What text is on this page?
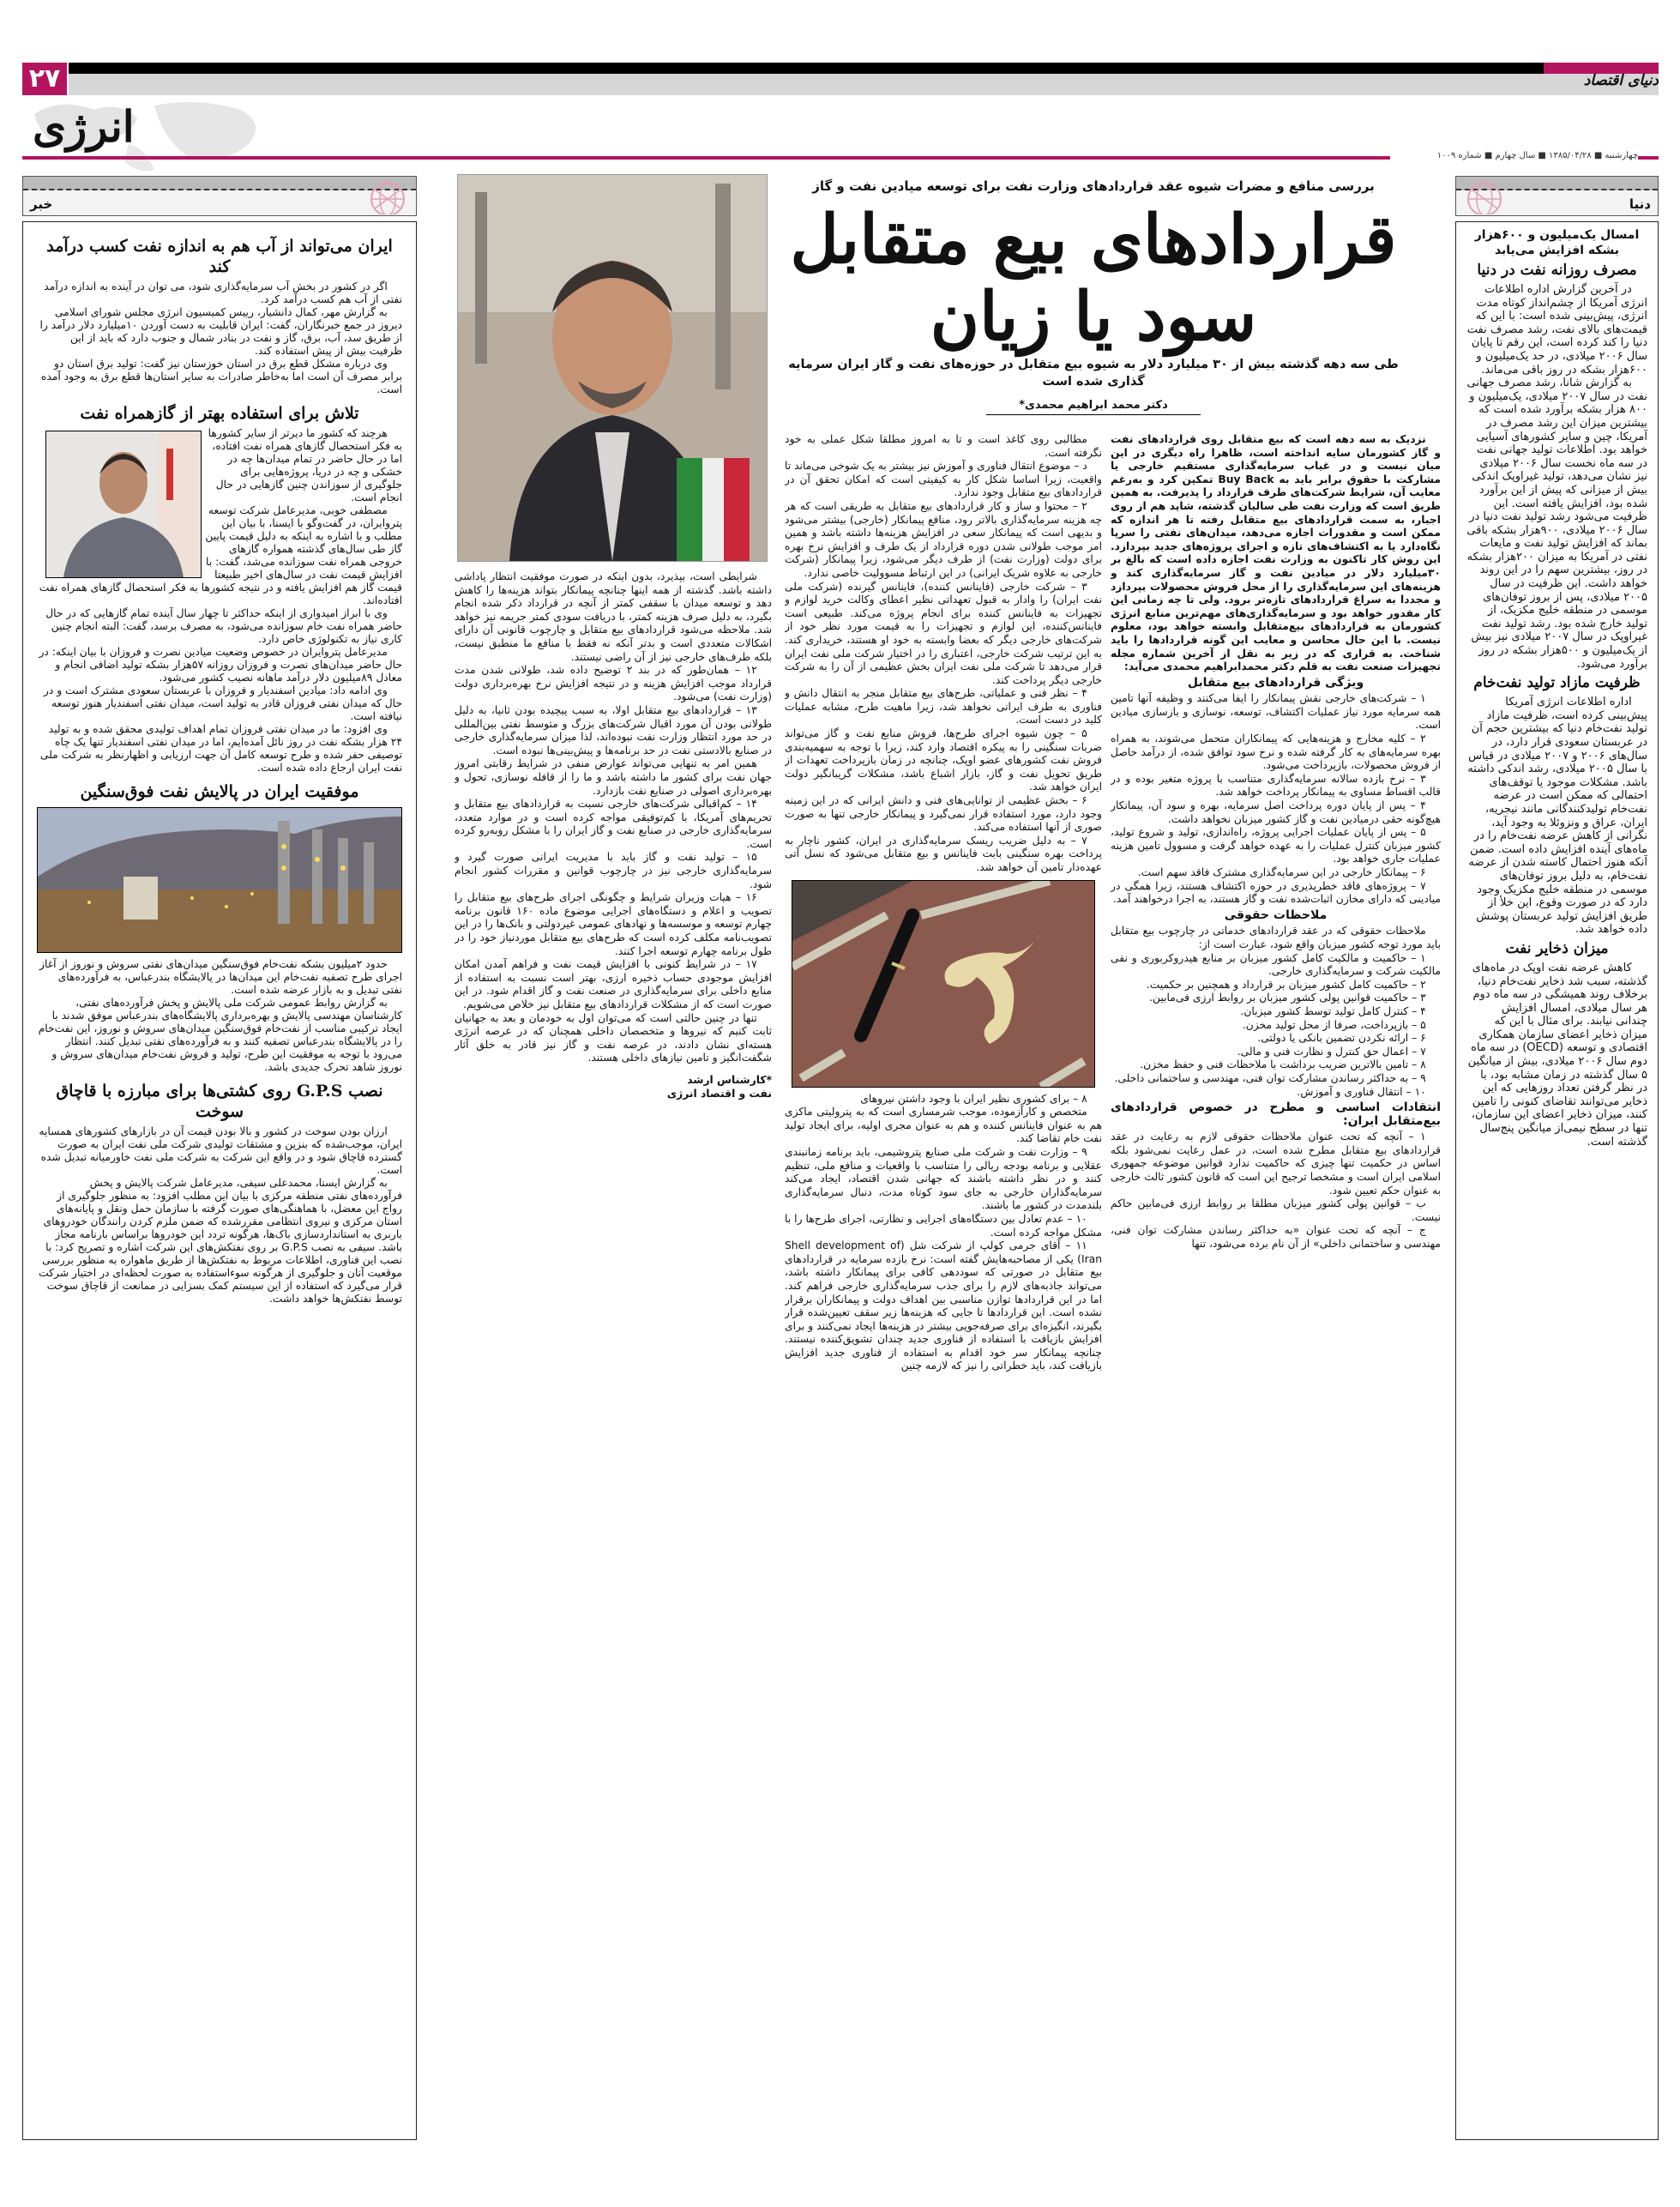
۲۷	دنیای اقتصاد
انرژی
چهارشنبه ■ ۱۳۸۵/۰۴/۲۸ ■ سال چهارم ■ شماره ۱۰۰۹
خبر
ایران می‌تواند از آب هم به اندازه نفت کسب درآمد کند

اگر در کشور در بخش آب سرمایه‌گذاری شود، می توان در آینده به اندازه درآمد نفتی از آب هم کسب درآمد کرد.

به گزارش مهر، کمال دانشیار، رییس کمیسیون انرژی مجلس شورای اسلامی دیروز در جمع خبرنگاران، گفت: ایران قابلیت به دست آوردن ۱۰میلیارد دلار درآمد را از طریق سد، آب، برق، گاز و نفت در بنادر شمال و جنوب دارد که باید از این ظرفیت بیش از پیش استفاده کند.

وی درباره مشکل قطع برق در استان خوزستان نیز گفت: تولید برق استان دو برابر مصرف آن است اما به‌خاطر صادرات به سایر استان‌ها قطع برق به وجود آمده است.

تلاش برای استفاده بهتر از گازهمراه نفت

هرچند که کشور ما دیرتر از سایر کشورها به فکر استحصال گازهای همراه نفت افتاده، اما در حال حاضر در تمام میدان‌ها چه در خشکی و چه در دریا، پروژه‌هایی برای جلوگیری از سوزاندن چنین گازهایی در حال انجام است.

مصطفی خوبی، مدیرعامل شرکت توسعه پتروایران، در گفت‌وگو با ایسنا، با بیان این مطلب و با اشاره به اینکه به دلیل قیمت پایین گاز طی سال‌های گذشته همواره گازهای خروجی همراه نفت سوزانده می‌شد، گفت: با افزایش قیمت نفت در سال‌های اخیر طبیعتا قیمت گاز هم افزایش یافته و در نتیجه کشورها به فکر استحصال گازهای همراه نفت افتاده‌اند.

وی با ابراز امیدواری از اینکه حداکثر تا چهار سال آینده تمام گازهایی که در حال حاضر همراه نفت خام سوزانده می‌شود، به مصرف برسد، گفت: البته انجام چنین کاری نیاز به تکنولوژی خاص دارد.

مدیرعامل پتروایران در خصوص وضعیت میادین نصرت و فروزان با بیان اینکه: در حال حاضر میدان‌های نصرت و فروزان روزانه ۵۷هزار بشکه تولید اضافی انجام و معادل ۸۹میلیون دلار درآمد ماهانه نصیب کشور می‌شود.

وی ادامه داد: میادین اسفندیار و فروزان با عربستان سعودی مشترک است و در حال که میدان نفتی فروزان قادر به تولید است، میدان نفتی اسفندیار هنوز توسعه نیافته است.

وی افزود: ما در میدان نفتی فروزان تمام اهداف تولیدی محقق شده و به تولید ۲۴ هزار بشکه نفت در روز نائل آمده‌ایم، اما در میدان نفتی اسفندیار تنها یک چاه توصیفی حفر شده و طرح توسعه کامل آن جهت ارزیابی و اظهارنظر به شرکت ملی نفت ایران ارجاع داده شده است.

موفقیت ایران در پالایش نفت فوق‌سنگین

حدود ۲میلیون بشکه نفت‌خام فوق‌سنگین میدان‌های نفتی سروش و نوروز از آغاز اجرای طرح تصفیه نفت‌خام این میدان‌ها در پالایشگاه بندرعباس، به فرآورده‌های نفتی تبدیل و به بازار عرضه شده است.

به گزارش روابط عمومی شرکت ملی پالایش و پخش فرآورده‌های نفتی، کارشناسان مهندسی پالایش و بهره‌برداری پالایشگاه‌های بندرعباس موفق شدند با ایجاد ترکیبی مناسب از نفت‌خام فوق‌سنگین میدان‌های سروش و نوروز، این نفت‌خام را در پالایشگاه بندرعباس تصفیه کنند و به فرآورده‌های نفتی تبدیل کنند. انتظار می‌رود با توجه به موفقیت این طرح، تولید و فروش نفت‌خام میدان‌های سروش و نوروز شاهد تحرک جدیدی باشد.

نصب G.P.S روی کشتی‌ها برای مبارزه با قاچاق سوخت

ارزان بودن سوخت در کشور و بالا بودن قیمت آن در بازارهای کشورهای همسایه ایران، موجب‌شده که بنزین و مشتقات تولیدی شرکت ملی نفت ایران به صورت گسترده قاچاق شود و در واقع این شرکت به شرکت ملی نفت خاورمیانه تبدیل شده است.

به گزارش ایسنا، محمدعلی سیفی، مدیرعامل شرکت پالایش و پخش فرآورده‌های نفتی منطقه مرکزی با بیان این مطلب افزود: به منظور جلوگیری از رواج این معضل، با هماهنگی‌های صورت گرفته با سازمان حمل ونقل و پایانه‌های استان مرکزی و نیروی انتظامی مقررشده که ضمن ملزم کردن رانندگان خودروهای باربری به استانداردسازی باک‌ها، هرگونه تردد این خودروها براساس بارنامه مجاز باشد. سیفی به نصب G.P.S بر روی نفتکش‌های این شرکت اشاره و تصریح کرد: با نصب این فناوری، اطلاعات مربوط به نفتکش‌ها از طریق ماهواره به منظور بررسی موقعیت آنان و جلوگیری از هرگونه سوءاستفاده به صورت لحظه‌ای در اختیار شرکت قرار می‌گیرد که استفاده از این سیستم کمک بسزایی در ممانعت از قاچاق سوخت توسط نفتکش‌ها خواهد داشت.

دنیا
امسال یک‌میلیون و ۶۰۰هزار بشکه افزایش می‌یابد
مصرف روزانه نفت در دنیا

در آخرین گزارش اداره اطلاعات انرژی آمریکا از چشم‌انداز کوتاه مدت انرژی، پیش‌بینی شده است: با این که قیمت‌های بالای نفت، رشد مصرف نفت دنیا را کند کرده است، این رقم تا پایان سال ۲۰۰۶ میلادی، در حد یک‌میلیون و ۶۰۰هزار بشکه در روز باقی می‌ماند.

به گزارش شانا، رشد مصرف جهانی نفت در سال ۲۰۰۷ میلادی، یک‌میلیون و ۸۰۰ هزار بشکه برآورد شده است که بیشترین میزان این رشد مصرف در آمریکا، چین و سایر کشورهای آسیایی خواهد بود. اطلاعات تولید جهانی نفت در سه ماه نخست سال ۲۰۰۶ میلادی نیز نشان می‌دهد، تولید غیراوپک اندکی بیش از میزانی که پیش از این برآورد شده بود، افزایش یافته است. این ظرفیت می‌شود رشد تولید نفت دنیا در سال ۲۰۰۶ میلادی، ۹۰۰هزار بشکه باقی بماند که افزایش تولید نفت و مایعات نفتی در آمریکا به میزان ۲۰۰هزار بشکه در روز، بیشترین سهم را در این روند خواهد داشت. این ظرفیت در سال ۲۰۰۵ میلادی، پس از بروز توفان‌های موسمی در منطقه خلیج مکزیک، از تولید خارج شده بود. رشد تولید نفت غیراوپک در سال ۲۰۰۷ میلادی نیز بیش از یک‌میلیون و ۵۰۰هزار بشکه در روز برآورد می‌شود.

ظرفیت مازاد تولید نفت‌خام

اداره اطلاعات انرژی آمریکا پیش‌بینی کرده است، ظرفیت مازاد تولید نفت‌خام دنیا که بیشترین حجم آن در عربستان سعودی قرار دارد، در سال‌های ۲۰۰۶ و ۲۰۰۷ میلادی در قیاس با سال ۲۰۰۵ میلادی، رشد اندکی داشته باشد. مشکلات موجود یا توقف‌های احتمالی که ممکن است در عرضه نفت‌خام تولیدکنندگانی مانند نیجریه، ایران، عراق و ونزوئلا به وجود آید، نگرانی از کاهش عرضه نفت‌خام را در ماه‌های آینده افزایش داده است. ضمن آنکه هنوز احتمال کاسته شدن از عرضه نفت‌خام، به دلیل بروز توفان‌های موسمی در منطقه خلیج مکزیک وجود دارد که در صورت وقوع، این خلأ از طریق افزایش تولید عربستان پوشش داده خواهد شد.

میزان ذخایر نفت

کاهش عرضه نفت اوپک در ماه‌های گذشته، سبب شد ذخایر نفت‌خام دنیا، برخلاف روند همیشگی در سه ماه دوم هر سال میلادی، امسال افزایش چندانی نیابند. برای مثال با این که میزان ذخایر اعضای سازمان همکاری اقتصادی و توسعه (OECD) در سه ماه دوم سال ۲۰۰۶ میلادی، بیش از میانگین ۵ سال گذشته در زمان مشابه بود، با در نظر گرفتن تعداد روزهایی که این ذخایر می‌توانند تقاضای کنونی را تامین کنند، میزان ذخایر اعضای این سازمان، تنها در سطح نیمی‌از میانگین پنج‌سال گذشته است.

بررسی منافع و مضرات شیوه عقد قراردادهای وزارت نفت برای توسعه میادین نفت و گاز
قراردادهای بیع متقابل
سود یا زیان
طی سه دهه گذشته بیش از ۳۰ میلیارد دلار به شیوه بیع متقابل در حوزه‌های نفت و گاز ایران سرمایه گذاری شده است
دکتر محمد ابراهیم محمدی*

نزدیک به سه دهه است که بیع متقابل روی قراردادهای نفت و گاز کشورمان سایه انداخته است، ظاهرا راه دیگری در این میان نیست و در غیاب سرمایه‌گذاری مستقیم خارجی یا مشارکت با حقوق برابر باید به Buy Back تمکین کرد و به‌رغم معایب آن، شرایط شرکت‌های طرف قرارداد را پذیرفت. به همین طریق است که وزارت نفت طی سالیان گذشته، شاید هم از روی اجبار، به سمت قراردادهای بیع متقابل رفته تا هر اندازه که ممکن است و مقدورات اجازه می‌دهد، میدان‌های نفتی را سرپا نگاه‌دارد یا به اکتشاف‌های تازه و اجرای پروژه‌های جدید بپردازد. این روش کار تاکنون به وزارت نفت اجازه داده است که بالغ بر ۳۰میلیارد دلار در میادین نفت و گاز سرمایه‌گذاری کند و هزینه‌های این سرمایه‌گذاری را از محل فروش محصولات بپردازد و مجددا به سراغ قراردادهای تازه‌تر برود. ولی تا چه زمانی این کار مقدور خواهد بود و سرمایه‌گذاری‌های مهم‌ترین منابع انرژی کشورمان به قراردادهای بیع‌متقابل وابسته خواهد بود، معلوم نیست. با این حال محاسن و معایب این گونه قراردادها را باید شناخت. به قراری که در زیر به نقل از آخرین شماره مجله تجهیزات صنعت نفت به قلم دکتر محمدابراهیم محمدی می‌آید:

ویژگی قراردادهای بیع متقابل

۱ – شرکت‌های خارجی نقش پیمانکار را ایفا می‌کنند و وظیفه آنها تامین همه سرمایه مورد نیاز عملیات اکتشاف، توسعه، نوسازی و بازسازی میادین است.

۲ – کلیه مخارج و هزینه‌هایی که پیمانکاران متحمل می‌شوند، به همراه بهره سرمایه‌های به کار گرفته شده و نرخ سود توافق شده، از درآمد حاصل از فروش محصولات، بازپرداخت می‌شود.

۳ – نرخ بازده سالانه سرمایه‌گذاری متناسب با پروژه متغیر بوده و در قالب اقساط مساوی به پیمانکار پرداخت خواهد شد.

۴ – پس از پایان دوره پرداخت اصل سرمایه، بهره و سود آن، پیمانکار هیچ‌گونه حقی درمیادین نفت و گاز کشور میزبان نخواهد داشت.

۵ – پس از پایان عملیات اجرایی پروژه، راه‌اندازی، تولید و شروع تولید، کشور میزبان کنترل عملیات را به عهده خواهد گرفت و مسوول تامین هزینه عملیات جاری خواهد بود.

۶ – پیمانکار خارجی در این سرمایه‌گذاری مشترک فاقد سهم است.

۷ – پروژه‌های فاقد خطرپذیری در حوزه اکتشاف هستند، زیرا همگی در میادینی که دارای مخازن اثبات‌شده نفت و گاز هستند، به اجرا درخواهند آمد.

ملاحظات حقوقی

ملاحظات حقوقی که در عقد قراردادهای خدماتی در چارچوب بیع متقابل باید مورد توجه کشور میزبان واقع شود، عبارت است از:

۱ – حاکمیت و مالکیت کامل کشور میزبان بر منابع هیدروکربوری و نفی مالکیت شرکت و سرمایه‌گذاری خارجی.

۲ – حاکمیت کامل کشور میزبان بر قرارداد و همچنین بر حکمیت.

۳ – حاکمیت قوانین پولی کشور میزبان بر روابط ارزی فی‌مابین.

۴ – کنترل کامل تولید توسط کشور میزبان.

۵ – بازپرداخت، صرفا از محل تولید مخزن.

۶ – ارائه نکردن تضمین بانکی یا دولتی.

۷ – اعمال حق کنترل و نظارت فنی و مالی.

۸ – تامین بالاترین ضریب برداشت با ملاحظات فنی و حفظ مخزن.

۹ – به حداکثر رساندن مشارکت توان فنی، مهندسی و ساختمانی داخلی.

۱۰ – انتقال فناوری و آموزش.

انتقادات اساسی و مطرح در خصوص قراردادهای بیع‌متقابل ایران:

۱ – آنچه که تحت عنوان ملاحظات حقوقی لازم به رعایت در عقد قراردادهای بیع متقابل مطرح شده است، در عمل رعایت نمی‌شود بلکه اساس در حکمیت تنها چیزی که حاکمیت ندارد قوانین موضوعه جمهوری اسلامی ایران است و مشخصا ترجیح این است که قانون کشور ثالث خارجی به عنوان حکم تعیین شود.

ب – قوانین پولی کشور میزبان مطلقا بر روابط ارزی فی‌مابین حاکم نیست.

ج – آنچه که تحت عنوان «به حداکثر رساندن مشارکت توان فنی، مهندسی و ساختمانی داخلی» از آن نام برده می‌شود، تنها

مطالبی روی کاغذ است و تا به امروز مطلقا شکل عملی به خود نگرفته است.

د – موضوع انتقال فناوری و آموزش نیز بیشتر به یک شوخی می‌ماند تا واقعیت، زیرا اساسا شکل کار به کیفیتی است که امکان تحقق آن در قراردادهای بیع متقابل وجود ندارد.

۲ – محتوا و ساز و کار قراردادهای بیع متقابل به طریقی است که هر چه هزینه سرمایه‌گذاری بالاتر رود، منافع پیمانکار (خارجی) بیشتر می‌شود و بدیهی است که پیمانکار سعی در افزایش هزینه‌ها داشته باشد و همین امر موجب طولانی شدن دوره قرارداد از یک طرف و افزایش نرخ بهره برای دولت (وزارت نفت) از طرف دیگر می‌شود، زیرا پیمانکار (شرکت خارجی به علاوه شریک ایرانی) در این ارتباط مسوولیت خاصی ندارد.

۳ – شرکت خارجی (فاینانس کننده)، فاینانس گیرنده (شرکت ملی نفت ایران) را وادار به قبول تعهداتی نظیر اعطای وکالت خرید لوازم و تجهیزات به فاینانس کننده برای انجام پروژه می‌کند. طبیعی است فاینانس‌کننده، این لوازم و تجهیزات را به قیمت مورد نظر خود از شرکت‌های خارجی دیگر که بعضا وابسته به خود او هستند، خریداری کند. به این ترتیب شرکت خارجی، اعتباری را در اختیار شرکت ملی نفت ایران قرار می‌دهد تا شرکت ملی نفت ایران بخش عظیمی از آن را به شرکت خارجی دیگر پرداخت کند.

۴ – نظر فنی و عملیاتی، طرح‌های بیع متقابل منجر به انتقال دانش و فناوری به طرف ایرانی نخواهد شد، زیرا ماهیت طرح، مشابه عملیات کلید در دست است.

۵ – چون شیوه اجرای طرح‌ها، فروش منابع نفت و گاز می‌تواند ضربات سنگینی را به پیکره اقتصاد وارد کند، زیرا با توجه به سهمیه‌بندی فروش نفت کشورهای عضو اوپک، چنانچه در زمان بازپرداخت تعهدات از طریق تحویل نفت و گاز، بازار اشباع باشد، مشکلات گریبانگیر دولت ایران خواهد شد.

۶ – بخش عظیمی از توانایی‌های فنی و دانش ایرانی که در این زمینه وجود دارد، مورد استفاده قرار نمی‌گیرد و پیمانکار خارجی تنها به صورت صوری از آنها استفاده می‌کند.

۷ – به دلیل ضریب ریسک سرمایه‌گذاری در ایران، کشور ناچار به پرداخت بهره سنگینی بابت فاینانس و بیع متقابل می‌شود که نسل آتی عهده‌دار تامین آن خواهد شد.

۸ – برای کشوری نظیر ایران با وجود داشتن نیروهای

متخصص و کارآزموده، موجب شرمساری است که به پترولیتی ماکزی هم به عنوان فاینانس کننده و هم به عنوان مجری اولیه، برای ایجاد تولید نفت خام تقاضا کند.

۹ – وزارت نفت و شرکت ملی صنایع پتروشیمی، باید برنامه زمانبندی عقلایی و برنامه بودجه ریالی را متناسب با واقعیات و منافع ملی، تنظیم کنند و در نظر داشته باشند که جهانی شدن اقتصاد، ایجاد می‌کند سرمایه‌گذاران خارجی به جای سود کوتاه مدت، دنبال سرمایه‌گذاری بلندمدت در کشور ما باشند.

۱۰ – عدم تعادل بین دستگاه‌های اجرایی و نظارتی، اجرای طرح‌ها را با مشکل مواجه کرده است.

۱۱ – آقای جرمی کولپ از شرکت شل (Shell development of Iran) یکی از مصاحبه‌هایش گفته است: نرخ بازده سرمایه در قراردادهای بیع متقابل در صورتی که سوددهی کافی برای پیمانکار داشته باشد، می‌تواند جاذبه‌های لازم را برای جذب سرمایه‌گذاری خارجی فراهم کند. اما در این قراردادها توازن مناسبی بین اهداف دولت و پیمانکاران برقرار نشده است. این قراردادها تا جایی که هزینه‌ها زیر سقف تعیین‌شده قرار بگیرند، انگیزه‌ای برای صرفه‌جویی بیشتر در هزینه‌ها ایجاد نمی‌کنند و برای افزایش بازیافت با استفاده از فناوری جدید چندان تشویق‌کننده نیستند. چنانچه پیمانکار سر خود اقدام به استفاده از فناوری جدید افزایش بازیافت کند، باید خطراتی را نیز که لازمه چنین

شرایطی است، بپذیرد، بدون اینکه در صورت موفقیت انتظار پاداشی داشته باشد. گذشته از همه اینها چنانچه پیمانکار بتواند هزینه‌ها را کاهش دهد و توسعه میدان با سقفی کمتر از آنچه در قرارداد ذکر شده انجام بگیرد، به دلیل صرف هزینه کمتر، با دریافت سودی کمتر جریمه نیز خواهد شد. ملاحظه می‌شود قراردادهای بیع متقابل و چارچوب قانونی آن دارای اشکالات متعددی است و بدتر آنکه نه فقط با منافع ما منطبق نیست، بلکه طرف‌های خارجی نیز از آن راضی نیستند.

۱۲ – همان‌طور که در بند ۲ توضیح داده شد، طولانی شدن مدت قرارداد موجب افزایش هزینه و در نتیجه افزایش نرخ بهره‌برداری دولت (وزارت نفت) می‌شود.

۱۳ – قراردادهای بیع متقابل اولا، به سبب پیچیده بودن ثانیا، به دلیل طولانی بودن آن مورد اقبال شرکت‌های بزرگ و متوسط نفتی بین‌المللی در حد مورد انتظار وزارت نفت نبوده‌اند، لذا میزان سرمایه‌گذاری خارجی در صنایع بالادستی نفت در حد برنامه‌ها و پیش‌بینی‌ها نبوده است.

همین امر به تنهایی می‌تواند عوارض منفی در شرایط رقابتی امروز جهان نفت برای کشور ما داشته باشد و ما را از قافله نوسازی، تحول و بهره‌برداری اصولی در صنایع نفت بازدارد.

۱۴ – کم‌اقبالی شرکت‌های خارجی نسبت به قراردادهای بیع متقابل و تحریم‌های آمریکا، با کم‌توفیقی مواجه کرده است و در موارد متعدد، سرمایه‌گذاری خارجی در صنایع نفت و گاز ایران را با مشکل روبه‌رو کرده است.

۱۵ – تولید نفت و گاز باید با مدیریت ایرانی صورت گیرد و سرمایه‌گذاری خارجی نیز در چارچوب قوانین و مقررات کشور انجام شود.

۱۶ – هیات وزیران شرایط و چگونگی اجرای طرح‌های بیع متقابل را تصویب و اعلام و دستگاه‌های اجرایی موضوع ماده ۱۶۰ قانون برنامه چهارم توسعه و موسسه‌ها و نهادهای عمومی غیردولتی و بانک‌ها را در این تصویب‌نامه مکلف کرده است که طرح‌های بیع متقابل موردنیاز خود را در طول برنامه چهارم توسعه اجرا کنند.

۱۷ – در شرایط کنونی با افزایش قیمت نفت و فراهم آمدن امکان افزایش موجودی حساب ذخیره ارزی، بهتر است نسبت به استفاده از منابع داخلی برای سرمایه‌گذاری در صنعت نفت و گاز اقدام شود. در این صورت است که از مشکلات قراردادهای بیع متقابل نیز خلاص می‌شویم.

تنها در چنین حالتی است که می‌توان اول به خودمان و بعد به جهانیان ثابت کنیم که نیروها و متخصصان داخلی همچنان که در عرصه انرژی هسته‌ای نشان دادند، در عرصه نفت و گاز نیز قادر به خلق آثار شگفت‌انگیز و تامین نیازهای داخلی هستند.

*کارشناس ارشد
نفت و اقتصاد انرژی
